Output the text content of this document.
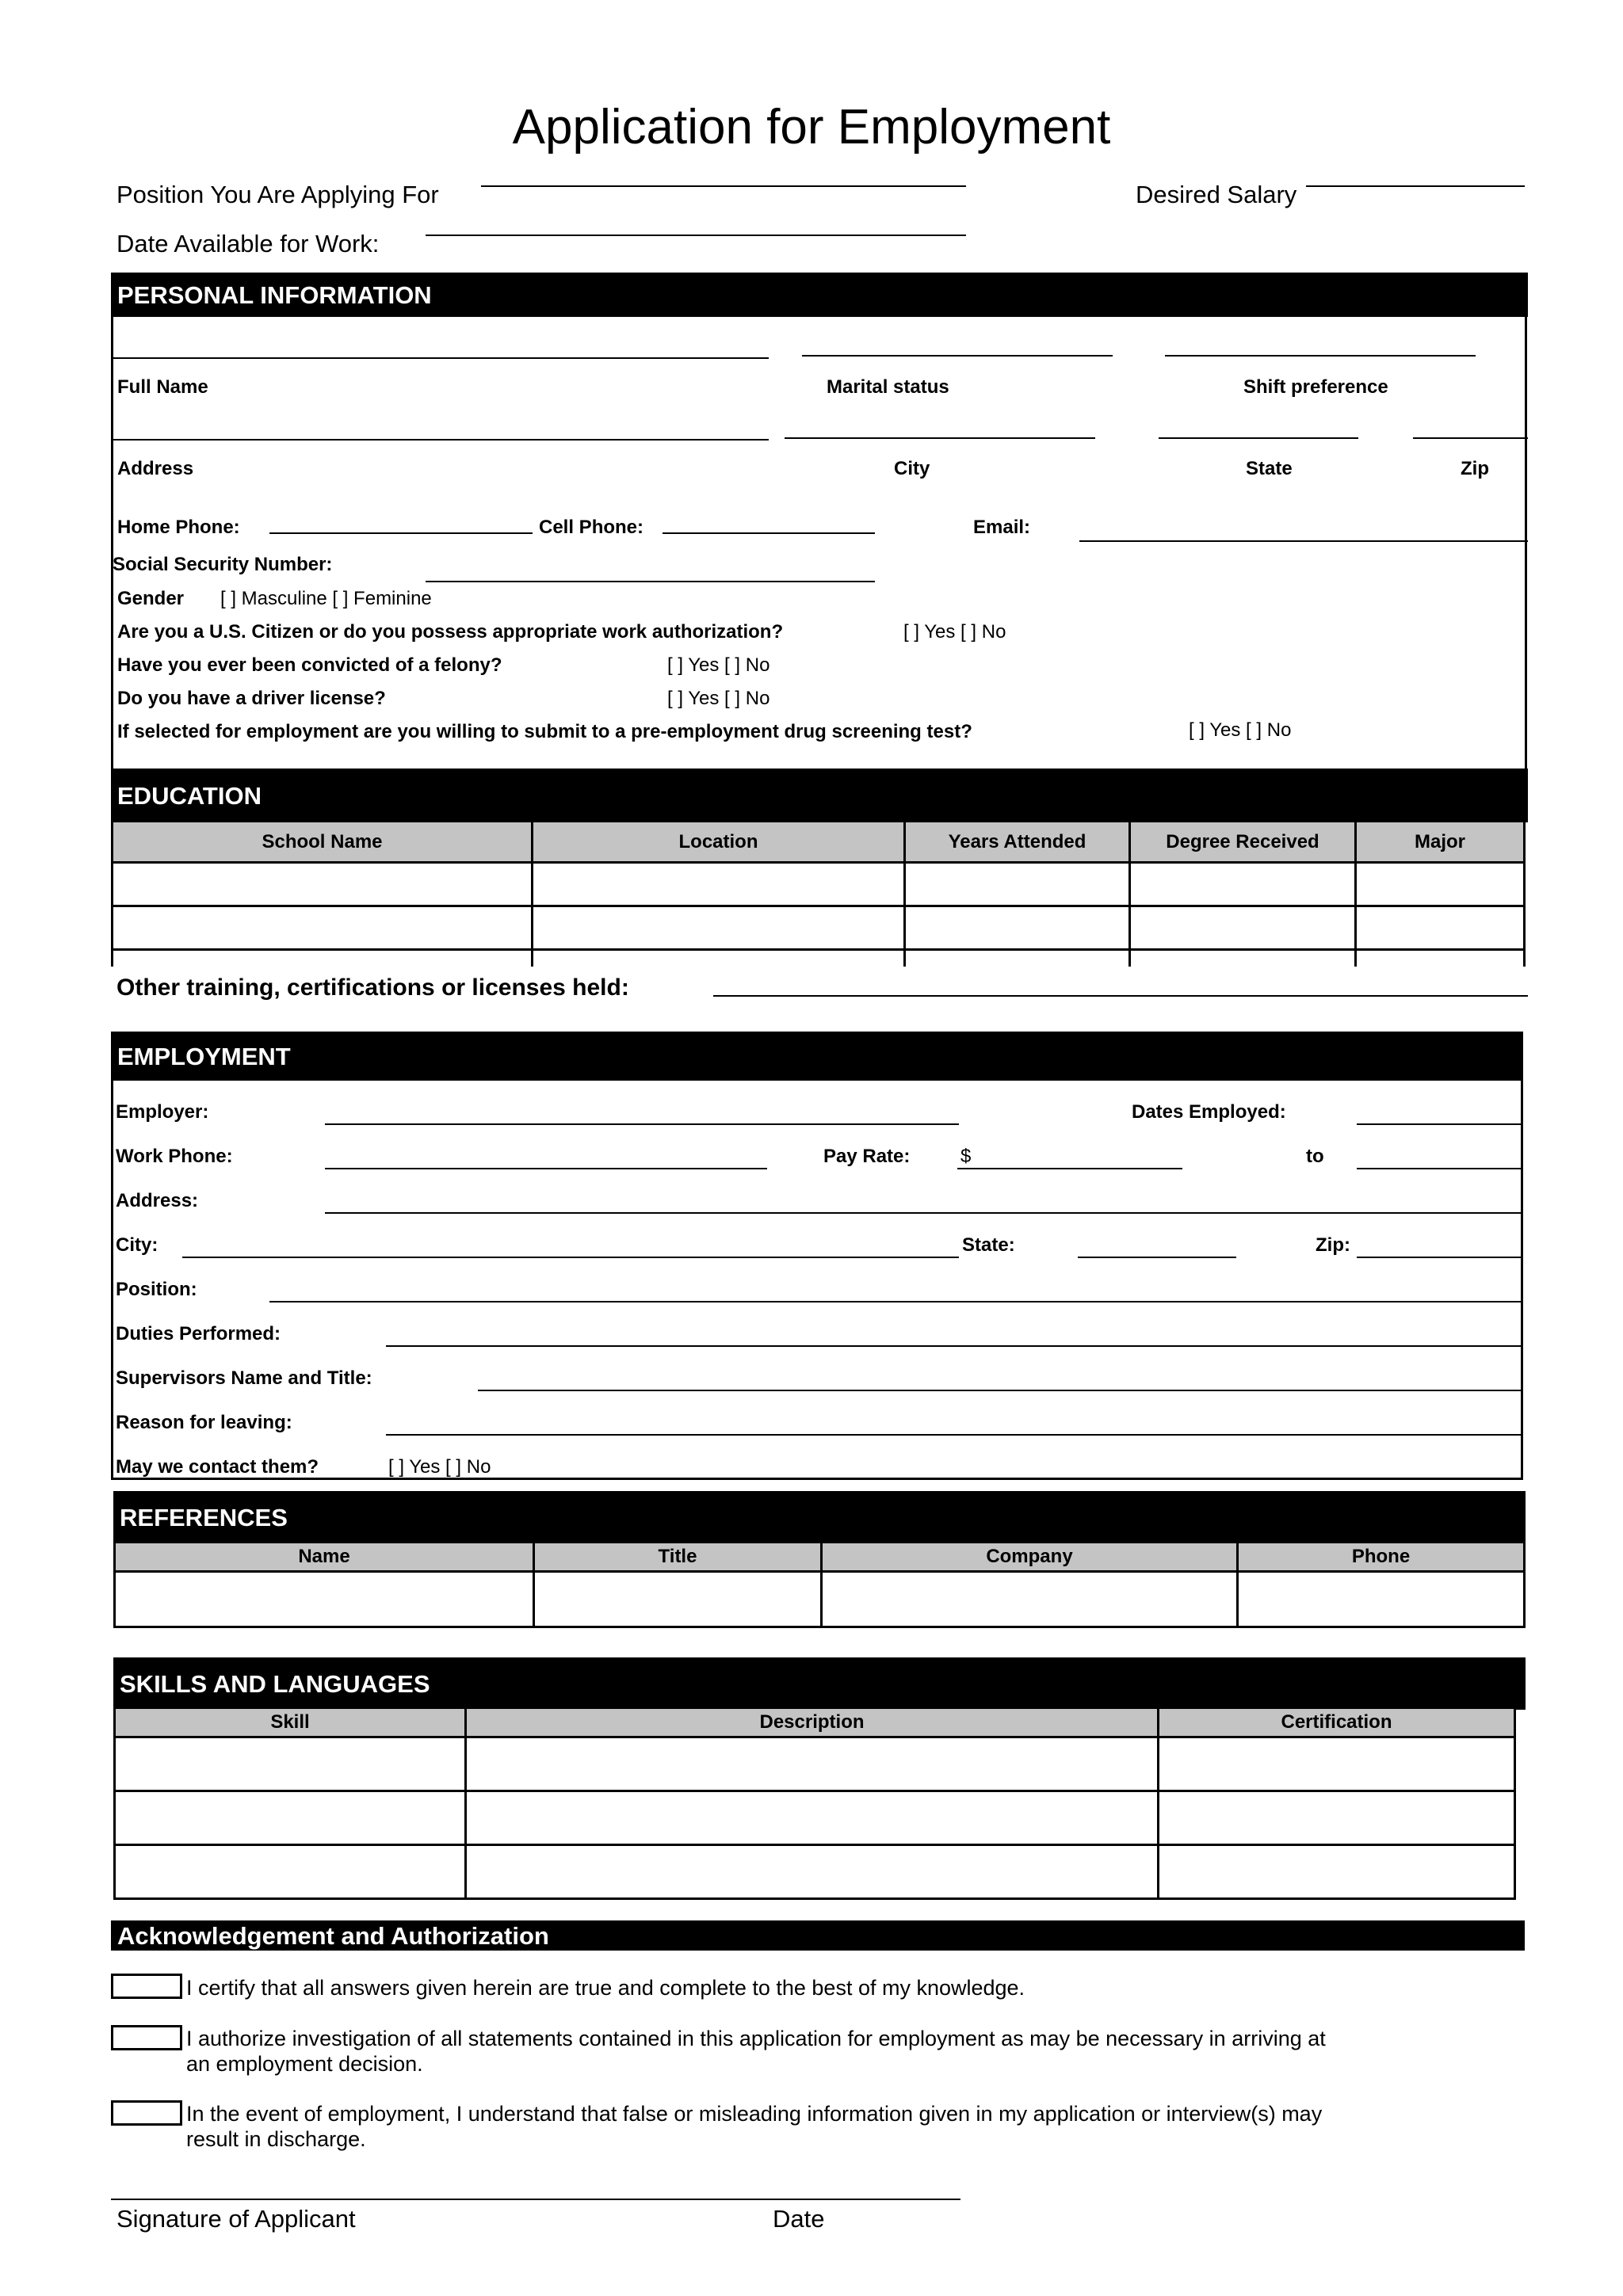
Application for Employment
Position You Are Applying For	Desired Salary
Date Available for Work:
PERSONAL INFORMATION
Full Name	Marital status	Shift preference
Address	City	State	Zip
Home Phone:	Cell Phone:	Email:
Social Security Number:
Gender [ ] Masculine [ ] Feminine
Are you a U.S. Citizen or do you possess appropriate work authorization?	[ ] Yes [ ] No
Have you ever been convicted of a felony?	[ ] Yes [ ] No
Do you have a driver license?	[ ] Yes [ ] No
If selected for employment are you willing to submit to a pre-employment drug screening test?	[ ] Yes [ ] No
EDUCATION
School Name	Location	Years Attended	Degree Received	Major
Other training, certifications or licenses held:
EMPLOYMENT
Employer:	Dates Employed:
Work Phone:	Pay Rate:	$	to
Address:
City:	State:	Zip:
Position:
Duties Performed:
Supervisors Name and Title:
Reason for leaving:
May we contact them?	[ ] Yes [ ] No
REFERENCES
Name	Title	Company	Phone
SKILLS AND LANGUAGES
Skill	Description	Certification
Acknowledgement and Authorization
I certify that all answers given herein are true and complete to the best of my knowledge.
I authorize investigation of all statements contained in this application for employment as may be necessary in arriving at
an employment decision.
In the event of employment, I understand that false or misleading information given in my application or interview(s) may
result in discharge.
Signature of Applicant	Date
